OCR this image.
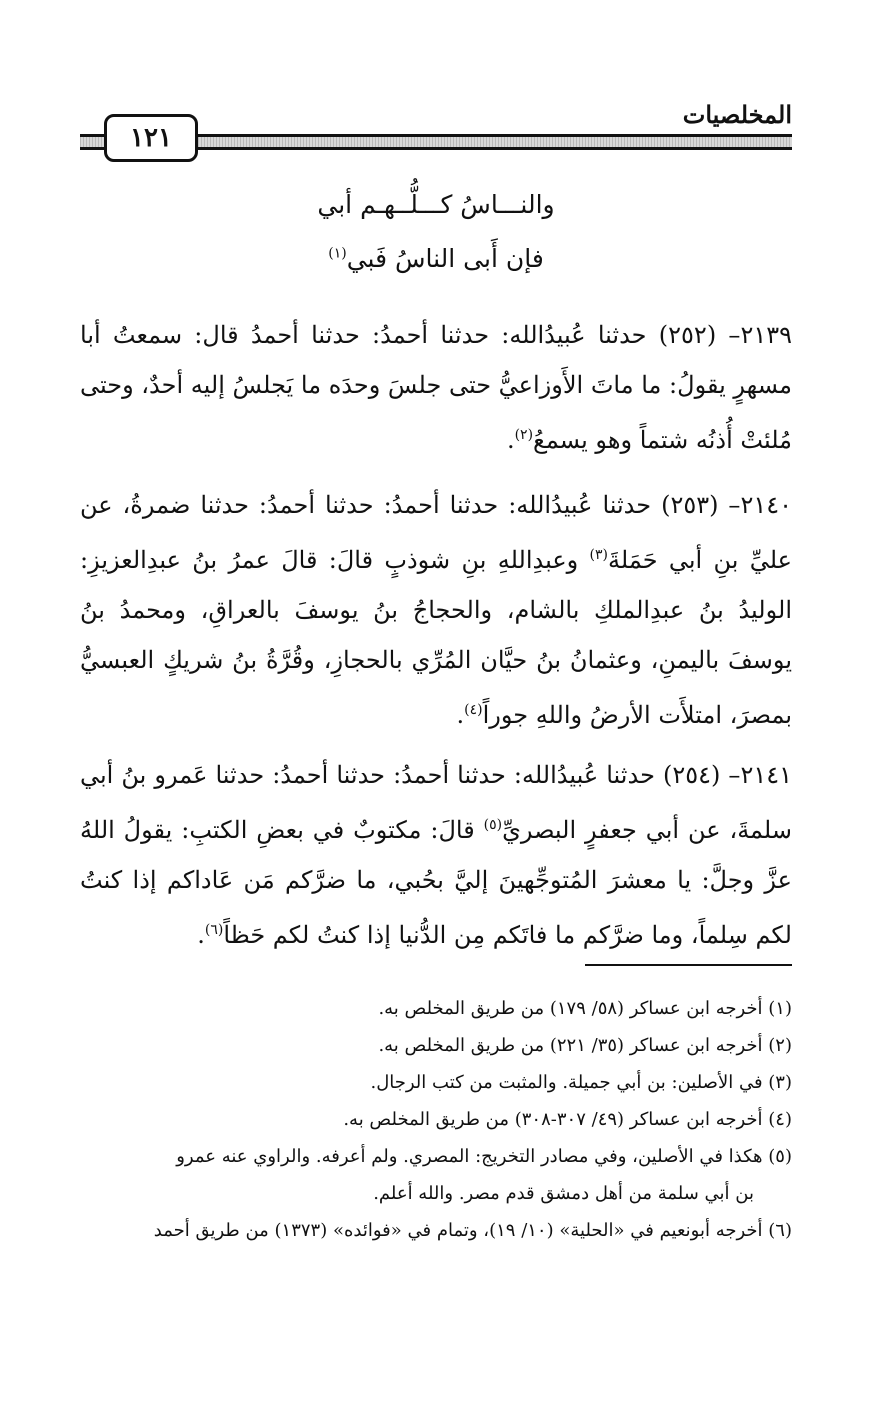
١٢١
المخلصيات
والنـــاسُ كـــلُّــهـم أبي
فإن أَبى الناسُ فَبي$^{(١)}$
٢١٣٩– (٢٥٢) حدثنا عُبيدُالله: حدثنا أحمدُ: حدثنا أحمدُ قال: سمعتُ أبا مسهرٍ يقولُ: ما ماتَ الأَوزاعيُّ حتى جلسَ وحدَه ما يَجلسُ إليه أحدٌ، وحتى مُلئتْ أُذنُه شتماً وهو يسمعُ$^{(٢)}$.
٢١٤٠– (٢٥٣) حدثنا عُبيدُالله: حدثنا أحمدُ: حدثنا أحمدُ: حدثنا ضمرةُ، عن عليِّ بنِ أبي حَمَلةَ$^{(٣)}$ وعبدِاللهِ بنِ شوذبٍ قالَ: قالَ عمرُ بنُ عبدِالعزيزِ: الوليدُ بنُ عبدِالملكِ بالشام، والحجاجُ بنُ يوسفَ بالعراقِ، ومحمدُ بنُ يوسفَ باليمنِ، وعثمانُ بنُ حيَّان المُرِّي بالحجازِ، وقُرَّةُ بنُ شريكٍ العبسيُّ بمصرَ، امتلأَت الأرضُ واللهِ جوراً$^{(٤)}$.
٢١٤١– (٢٥٤) حدثنا عُبيدُالله: حدثنا أحمدُ: حدثنا أحمدُ: حدثنا عَمرو بنُ أبي سلمةَ، عن أبي جعفرٍ البصريِّ$^{(٥)}$ قالَ: مكتوبٌ في بعضِ الكتبِ: يقولُ اللهُ عزَّ وجلَّ: يا معشرَ المُتوجِّهينَ إليَّ بحُبي، ما ضرَّكم مَن عَاداكم إذا كنتُ لكم سِلماً، وما ضرَّكم ما فاتَكم مِن الدُّنيا إذا كنتُ لكم حَظاً$^{(٦)}$.
(١) أخرجه ابن عساكر (٥٨/ ١٧٩) من طريق المخلص به.
(٢) أخرجه ابن عساكر (٣٥/ ٢٢١) من طريق المخلص به.
(٣) في الأصلين: بن أبي جميلة. والمثبت من كتب الرجال.
(٤) أخرجه ابن عساكر (٤٩/ ٣٠٧-٣٠٨) من طريق المخلص به.
(٥) هكذا في الأصلين، وفي مصادر التخريج: المصري. ولم أعرفه. والراوي عنه عمرو
بن أبي سلمة من أهل دمشق قدم مصر. والله أعلم.
(٦) أخرجه أبونعيم في «الحلية» (١٠/ ١٩)، وتمام في «فوائده» (١٣٧٣) من طريق أحمد
